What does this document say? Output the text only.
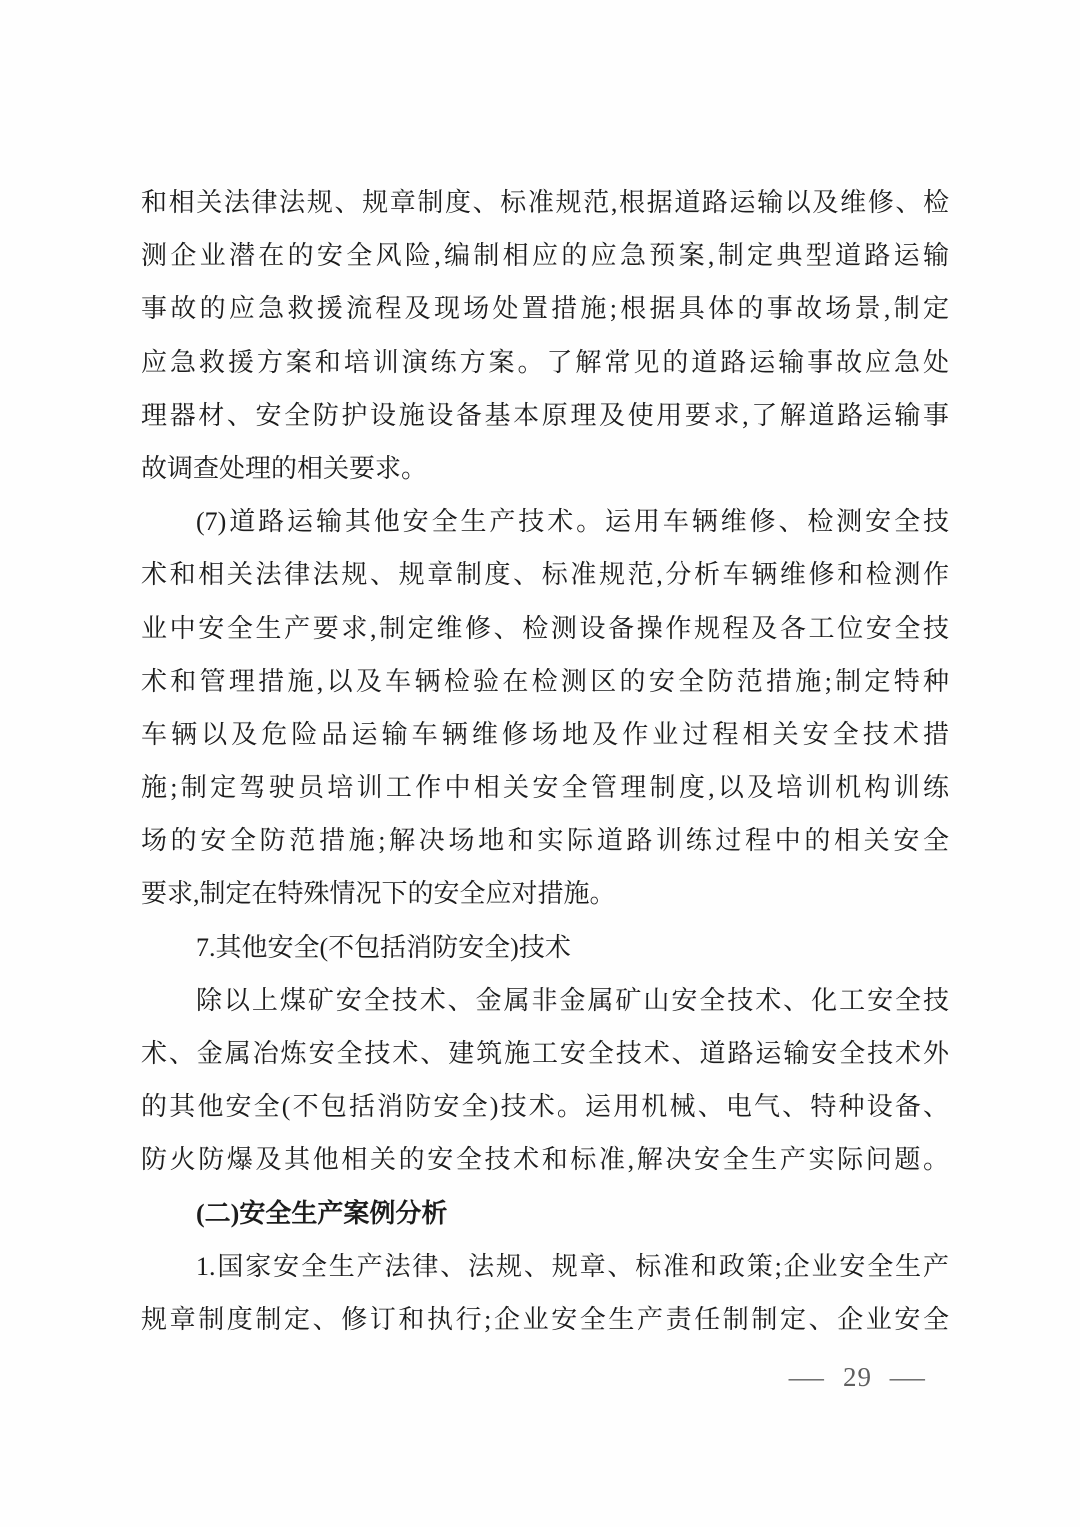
和相关法律法规、规章制度、标准规范,根据道路运输以及维修、检
测企业潜在的安全风险,编制相应的应急预案,制定典型道路运输
事故的应急救援流程及现场处置措施;根据具体的事故场景,制定
应急救援方案和培训演练方案。了解常见的道路运输事故应急处
理器材、安全防护设施设备基本原理及使用要求,了解道路运输事
故调查处理的相关要求。
(7)道路运输其他安全生产技术。运用车辆维修、检测安全技
术和相关法律法规、规章制度、标准规范,分析车辆维修和检测作
业中安全生产要求,制定维修、检测设备操作规程及各工位安全技
术和管理措施,以及车辆检验在检测区的安全防范措施;制定特种
车辆以及危险品运输车辆维修场地及作业过程相关安全技术措
施;制定驾驶员培训工作中相关安全管理制度,以及培训机构训练
场的安全防范措施;解决场地和实际道路训练过程中的相关安全
要求,制定在特殊情况下的安全应对措施。
7.其他安全(不包括消防安全)技术
除以上煤矿安全技术、金属非金属矿山安全技术、化工安全技
术、金属冶炼安全技术、建筑施工安全技术、道路运输安全技术外
的其他安全(不包括消防安全)技术。运用机械、电气、特种设备、
防火防爆及其他相关的安全技术和标准,解决安全生产实际问题。
(二)安全生产案例分析
1.国家安全生产法律、法规、规章、标准和政策;企业安全生产
规章制度制定、修订和执行;企业安全生产责任制制定、企业安全
— 29 —
